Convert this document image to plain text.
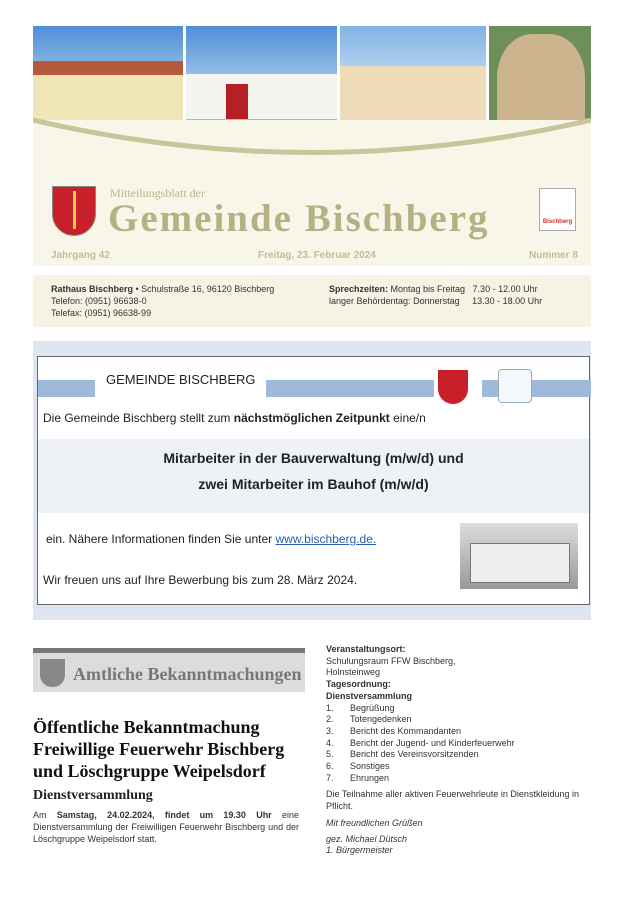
Mitteilungsblatt der
Gemeinde Bischberg	Bischberg
Jahrgang 42	Freitag, 23. Februar 2024	Nummer 8
Rathaus Bischberg • Schulstraße 16, 96120 Bischberg
Telefon: (0951) 96638-0
Telefax: (0951) 96638-99
Sprechzeiten: Montag bis Freitag   7.30 - 12.00 Uhr
langer Behördentag: Donnerstag     13.30 - 18.00 Uhr
GEMEINDE BISCHBERG
Die Gemeinde Bischberg stellt zum nächstmöglichen Zeitpunkt eine/n
Mitarbeiter in der Bauverwaltung (m/w/d) und
zwei Mitarbeiter im Bauhof (m/w/d)
ein. Nähere Informationen finden Sie unter www.bischberg.de.
Wir freuen uns auf Ihre Bewerbung bis zum 28. März 2024.
Amtliche Bekanntmachungen
Öffentliche Bekanntmachung
Freiwillige Feuerwehr Bischberg
und Löschgruppe Weipelsdorf
Dienstversammlung
Am Samstag, 24.02.2024, findet um 19.30 Uhr eine Dienstversammlung der Freiwilligen Feuerwehr Bischberg und der Löschgruppe Weipelsdorf statt.
Veranstaltungsort:
Schulungsraum FFW Bischberg,
Holnsteinweg
Tagesordnung:
Dienstversammlung
1.	Begrüßung
2.	Totengedenken
3.	Bericht des Kommandanten
4.	Bericht der Jugend- und Kinderfeuerwehr
5.	Bericht des Vereinsvorsitzenden
6.	Sonstiges
7.	Ehrungen
Die Teilnahme aller aktiven Feuerwehrleute in Dienstkleidung in Pflicht.
Mit freundlichen Grüßen
gez. Michael Dütsch
1. Bürgermeister
